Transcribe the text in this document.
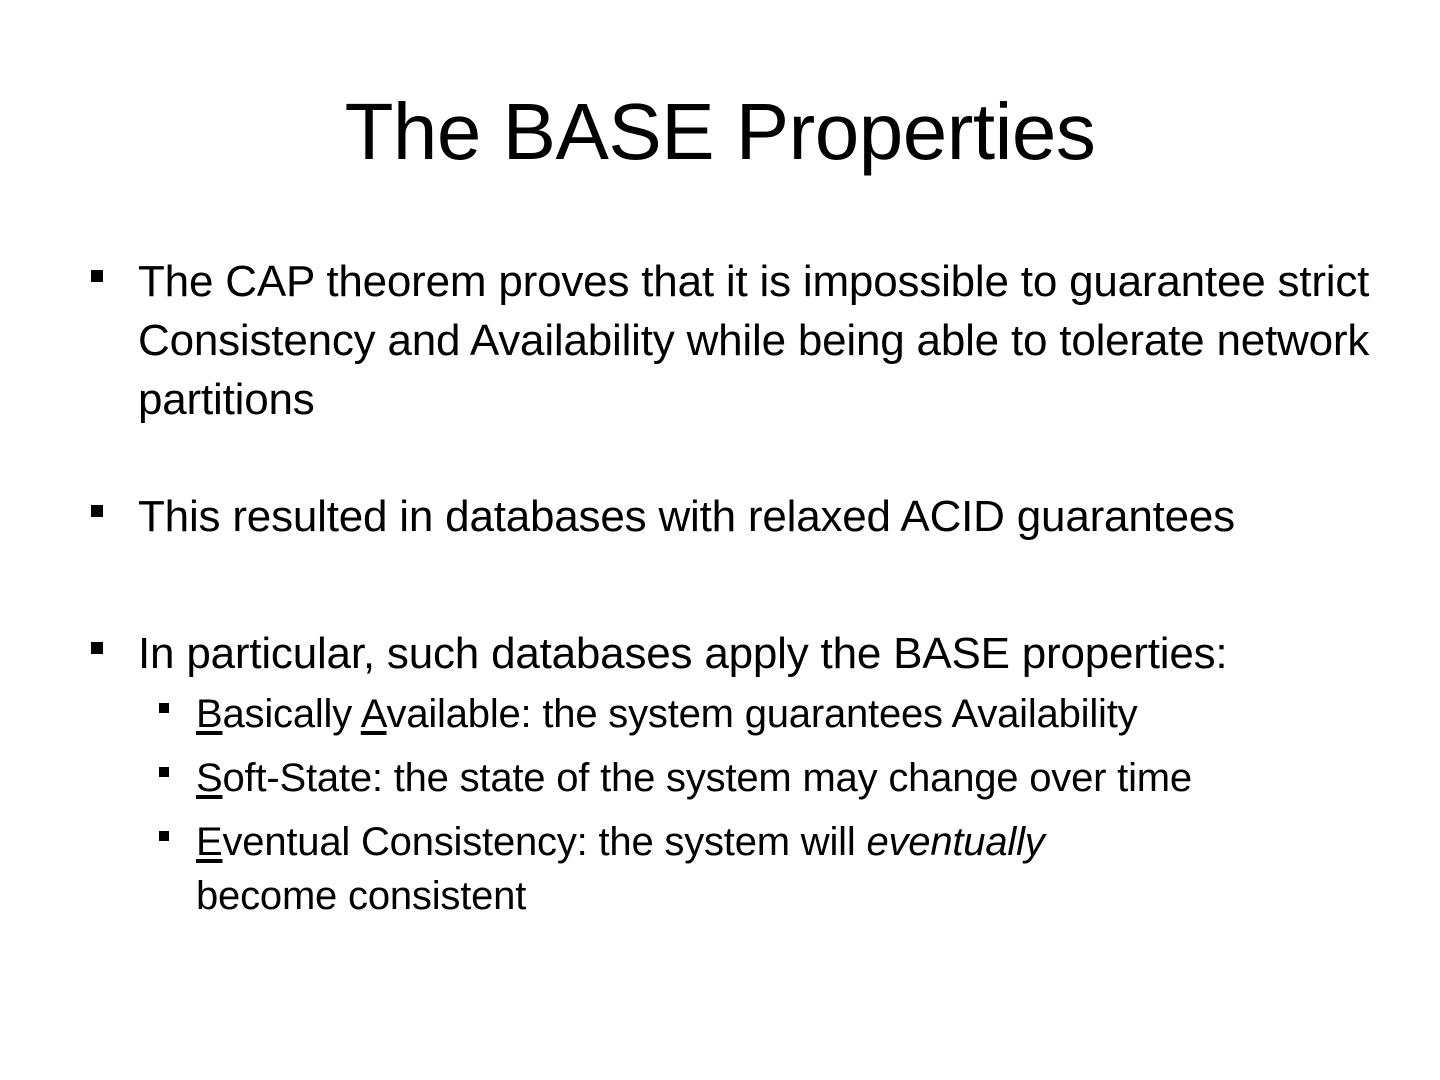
The BASE Properties
The CAP theorem proves that it is impossible to guarantee strict Consistency and Availability while being able to tolerate network partitions
This resulted in databases with relaxed ACID guarantees
In particular, such databases apply the BASE properties:
Basically Available: the system guarantees Availability
Soft-State: the state of the system may change over time
Eventual Consistency: the system will eventually become consistent
